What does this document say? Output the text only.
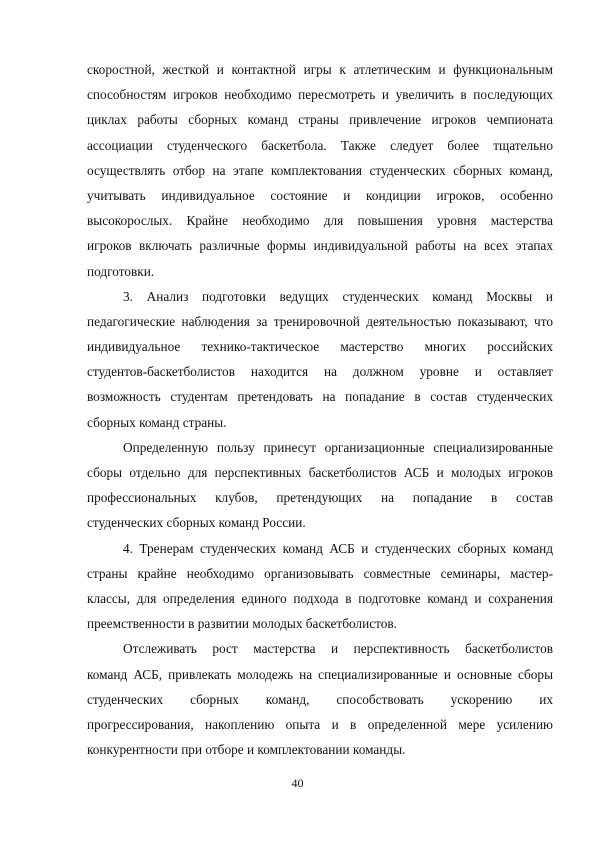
скоростной, жесткой и контактной игры к атлетическим и функциональным
способностям игроков необходимо пересмотреть и увеличить в последующих
циклах работы сборных команд страны привлечение игроков чемпионата
ассоциации студенческого баскетбола. Также следует более тщательно
осуществлять отбор на этапе комплектования студенческих сборных команд,
учитывать индивидуальное состояние и кондиции игроков, особенно
высокорослых. Крайне необходимо для повышения уровня мастерства
игроков включать различные формы индивидуальной работы на всех этапах
подготовки.
3. Анализ подготовки ведущих студенческих команд Москвы и
педагогические наблюдения за тренировочной деятельностью показывают, что
индивидуальное технико-тактическое мастерство многих российских
студентов-баскетболистов находится на должном уровне и оставляет
возможность студентам претендовать на попадание в состав студенческих
сборных команд страны.
Определенную пользу принесут организационные специализированные
сборы отдельно для перспективных баскетболистов АСБ и молодых игроков
профессиональных клубов, претендующих на попадание в состав
студенческих сборных команд России.
4. Тренерам студенческих команд АСБ и студенческих сборных команд
страны крайне необходимо организовывать совместные семинары, мастер-
классы, для определения единого подхода в подготовке команд и сохранения
преемственности в развитии молодых баскетболистов.
Отслеживать рост мастерства и перспективность баскетболистов
команд АСБ, привлекать молодежь на специализированные и основные сборы
студенческих сборных команд, способствовать ускорению их
прогрессирования, накоплению опыта и в определенной мере усилению
конкурентности при отборе и комплектовании команды.
40
